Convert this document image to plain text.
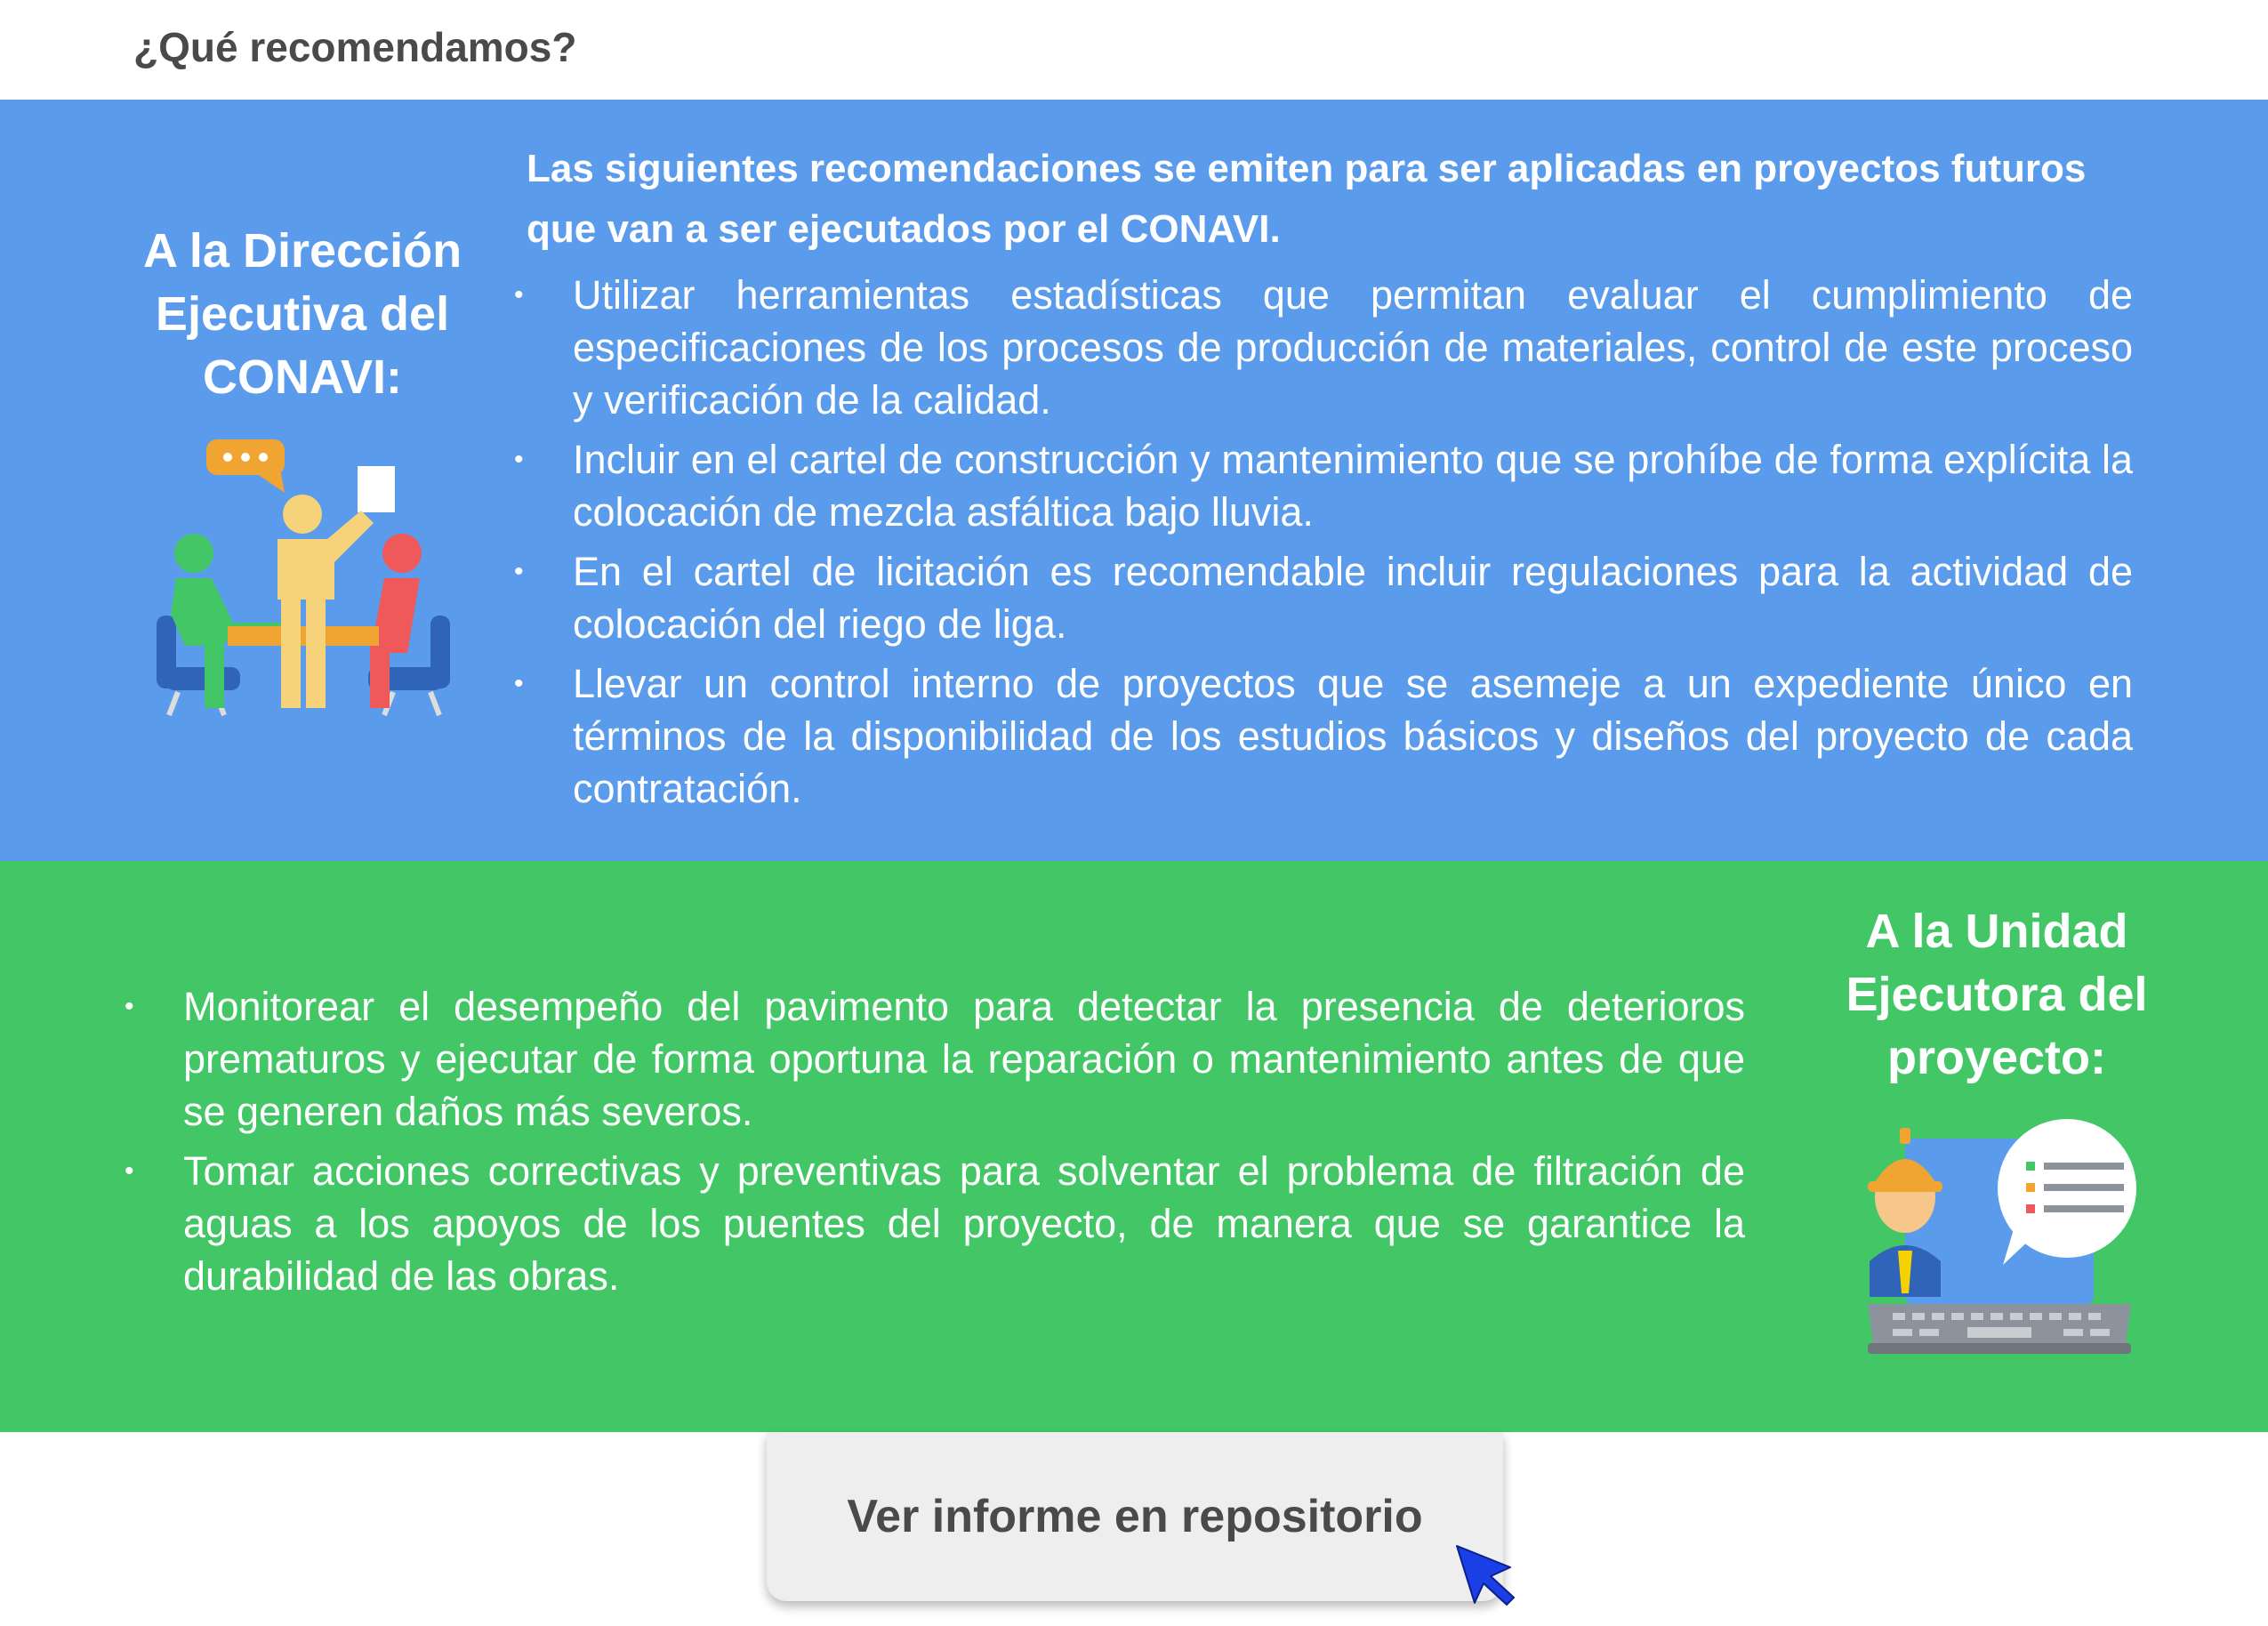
¿Qué recomendamos?
A la Dirección
Ejecutiva del
CONAVI:
Las siguientes recomendaciones se emiten para ser aplicadas en proyectos futuros que van a ser ejecutados por el CONAVI.
• Utilizar herramientas estadísticas que permitan evaluar el cumplimiento de especificaciones de los procesos de producción de materiales, control de este proceso y verificación de la calidad.
• Incluir en el cartel de construcción y mantenimiento que se prohíbe de forma explícita la colocación de mezcla asfáltica bajo lluvia.
• En el cartel de licitación es recomendable incluir regulaciones para la actividad de colocación del riego de liga.
• Llevar un control interno de proyectos que se asemeje a un expediente único en términos de la disponibilidad de los estudios básicos y diseños del proyecto de cada contratación.
• Monitorear el desempeño del pavimento para detectar la presencia de deterioros prematuros y ejecutar de forma oportuna la reparación o mantenimiento antes de que se generen daños más severos.
• Tomar acciones correctivas y preventivas para solventar el problema de filtración de aguas a los apoyos de los puentes del proyecto, de manera que se garantice la durabilidad de las obras.
A la Unidad
Ejecutora del
proyecto:
Ver informe en repositorio
